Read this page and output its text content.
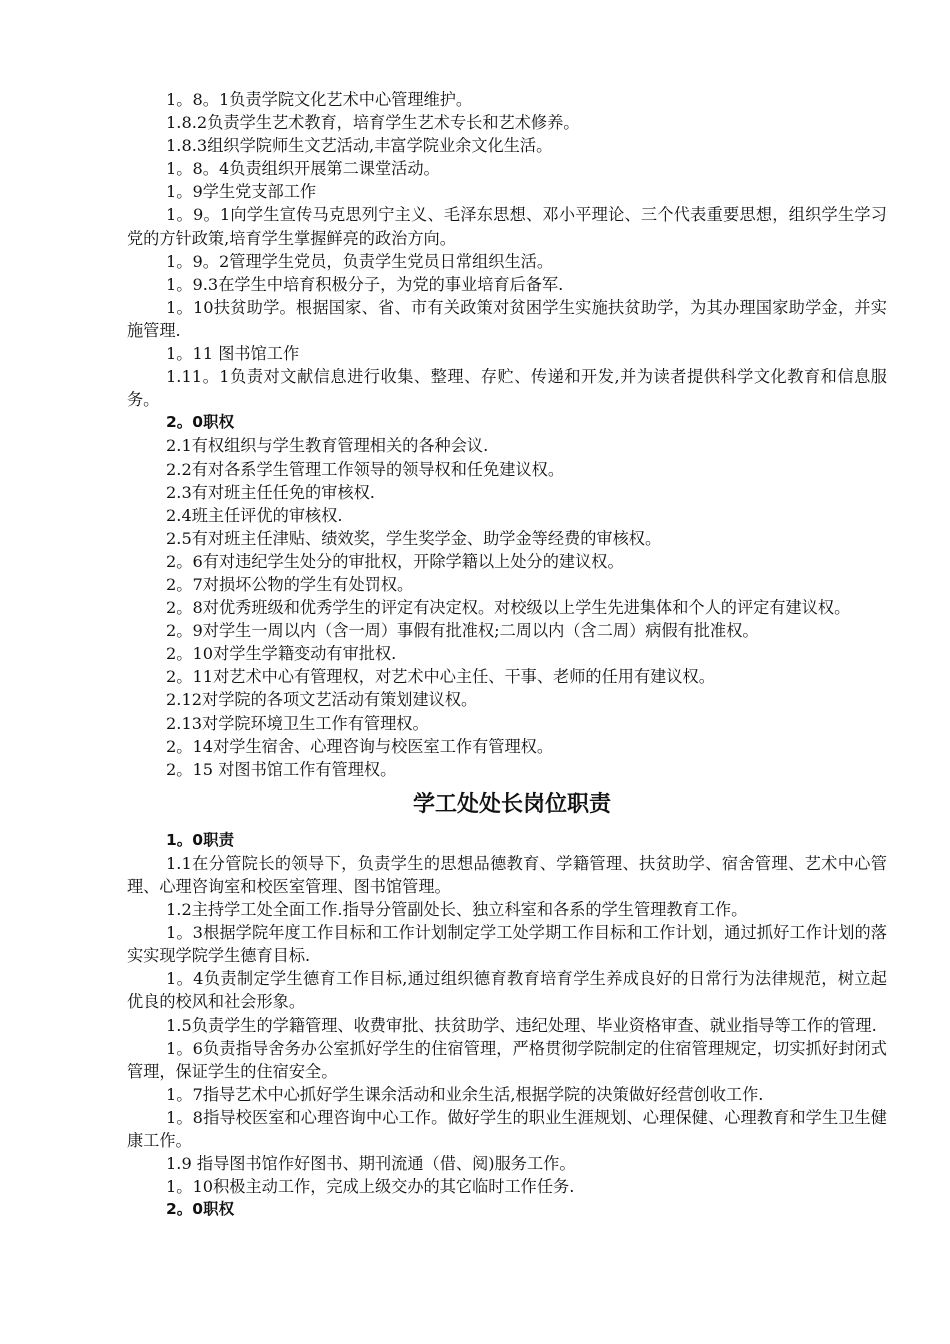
1。8。1负责学院文化艺术中心管理维护。

1.8.2负责学生艺术教育，培育学生艺术专长和艺术修养。

1.8.3组织学院师生文艺活动,丰富学院业余文化生活。

1。8。4负责组织开展第二课堂活动。

1。9学生党支部工作

1。9。1向学生宣传马克思列宁主义、毛泽东思想、邓小平理论、三个代表重要思想，组织学生学习党的方针政策,培育学生掌握鲜亮的政治方向。

1。9。2管理学生党员，负责学生党员日常组织生活。

1。9.3在学生中培育积极分子，为党的事业培育后备军.

1。10扶贫助学。根据国家、省、市有关政策对贫困学生实施扶贫助学，为其办理国家助学金，并实施管理.

1。11 图书馆工作

1.11。1负责对文献信息进行收集、整理、存贮、传递和开发,并为读者提供科学文化教育和信息服务。

2。0职权

2.1有权组织与学生教育管理相关的各种会议.

2.2有对各系学生管理工作领导的领导权和任免建议权。

2.3有对班主任任免的审核权.

2.4班主任评优的审核权.

2.5有对班主任津贴、绩效奖，学生奖学金、助学金等经费的审核权。

2。6有对违纪学生处分的审批权，开除学籍以上处分的建议权。

2。7对损坏公物的学生有处罚权。

2。8对优秀班级和优秀学生的评定有决定权。对校级以上学生先进集体和个人的评定有建议权。

2。9对学生一周以内（含一周）事假有批准权;二周以内（含二周）病假有批准权。

2。10对学生学籍变动有审批权.

2。11对艺术中心有管理权，对艺术中心主任、干事、老师的任用有建议权。

2.12对学院的各项文艺活动有策划建议权。

2.13对学院环境卫生工作有管理权。

2。14对学生宿舍、心理咨询与校医室工作有管理权。

2。15 对图书馆工作有管理权。

学工处处长岗位职责

1。0职责

1.1在分管院长的领导下，负责学生的思想品德教育、学籍管理、扶贫助学、宿舍管理、艺术中心管理、心理咨询室和校医室管理、图书馆管理。

1.2主持学工处全面工作.指导分管副处长、独立科室和各系的学生管理教育工作。

1。3根据学院年度工作目标和工作计划制定学工处学期工作目标和工作计划，通过抓好工作计划的落实实现学院学生德育目标.

1。4负责制定学生德育工作目标,通过组织德育教育培育学生养成良好的日常行为法律规范，树立起优良的校风和社会形象。

1.5负责学生的学籍管理、收费审批、扶贫助学、违纪处理、毕业资格审查、就业指导等工作的管理.

1。6负责指导舍务办公室抓好学生的住宿管理，严格贯彻学院制定的住宿管理规定，切实抓好封闭式管理，保证学生的住宿安全。

1。7指导艺术中心抓好学生课余活动和业余生活,根据学院的决策做好经营创收工作.

1。8指导校医室和心理咨询中心工作。做好学生的职业生涯规划、心理保健、心理教育和学生卫生健康工作。

1.9 指导图书馆作好图书、期刊流通（借、阅)服务工作。

1。10积极主动工作，完成上级交办的其它临时工作任务.

2。0职权
